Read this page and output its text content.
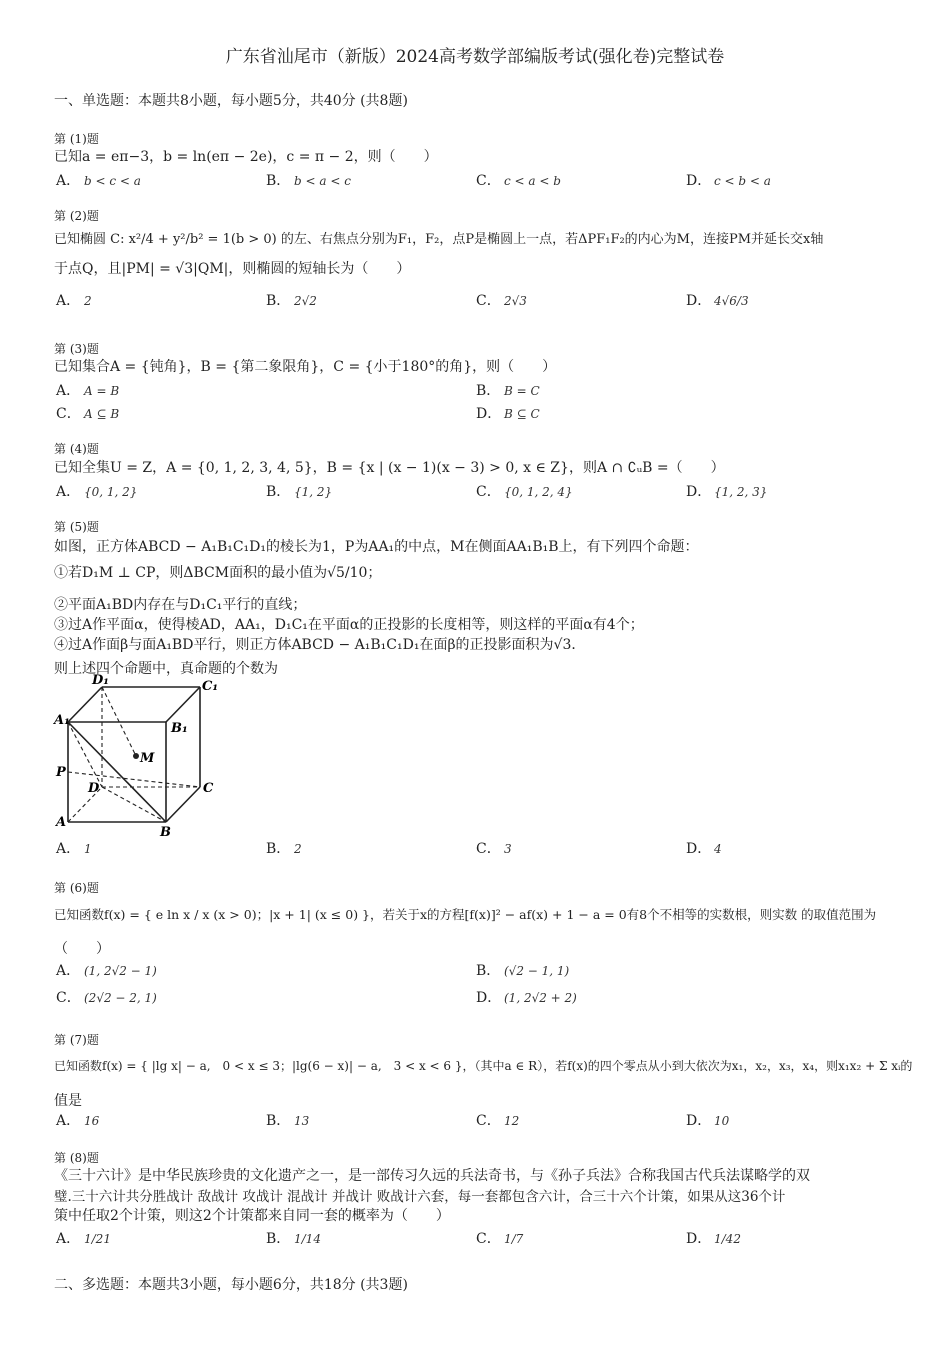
广东省汕尾市（新版）2024高考数学部编版考试(强化卷)完整试卷
一、单选题：本题共8小题，每小题5分，共40分 (共8题)
第 (1)题
已知a = eπ−3，b = ln(eπ − 2e)，c = π − 2，则（　　）
A． b < c < a	B． b < a < c	C． c < a < b	D． c < b < a
第 (2)题
已知椭圆 C: x²/4 + y²/b² = 1(b > 0) 的左、右焦点分别为F₁，F₂，点P是椭圆上一点，若ΔPF₁F₂的内心为M，连接PM并延长交x轴
于点Q，且|PM| = √3|QM|，则椭圆的短轴长为（　　）
A． 2	B． 2√2	C． 2√3	D． 4√6/3
第 (3)题
已知集合A = {钝角}，B = {第二象限角}，C = {小于180°的角}，则（　　）
A． A = B	B． B = C
C． A ⊆ B	D． B ⊆ C
第 (4)题
已知全集U = Z，A = {0, 1, 2, 3, 4, 5}，B = {x | (x − 1)(x − 3) > 0, x ∈ Z}，则A ∩ ∁ᵤB =（　　）
A． {0, 1, 2}	B． {1, 2}	C． {0, 1, 2, 4}	D． {1, 2, 3}
第 (5)题
如图，正方体ABCD − A₁B₁C₁D₁的棱长为1，P为AA₁的中点，M在侧面AA₁B₁B上，有下列四个命题：
①若D₁M ⊥ CP，则ΔBCM面积的最小值为√5/10；
②平面A₁BD内存在与D₁C₁平行的直线；
③过A作平面α，使得棱AD，AA₁，D₁C₁在平面α的正投影的长度相等，则这样的平面α有4个；
④过A作面β与面A₁BD平行，则正方体ABCD − A₁B₁C₁D₁在面β的正投影面积为√3．
则上述四个命题中，真命题的个数为
D₁	C₁
A₁
B₁
M
P
D	C
A
B
A． 1	B． 2	C． 3	D． 4
第 (6)题
已知函数f(x) = { e ln x / x (x > 0)；|x + 1| (x ≤ 0) }，若关于x的方程[f(x)]² − af(x) + 1 − a = 0有8个不相等的实数根，则实数 的取值范围为
（　　）
A． (1, 2√2 − 1)	B． (√2 − 1, 1)
C． (2√2 − 2, 1)	D． (1, 2√2 + 2)
第 (7)题
已知函数f(x) = { |lg x| − a,　0 < x ≤ 3；|lg(6 − x)| − a,　3 < x < 6 }，（其中a ∈ R），若f(x)的四个零点从小到大依次为x₁，x₂，x₃，x₄，则x₁x₂ + Σ xᵢ的
值是
A． 16	B． 13	C． 12	D． 10
第 (8)题
《三十六计》是中华民族珍贵的文化遗产之一，是一部传习久远的兵法奇书，与《孙子兵法》合称我国古代兵法谋略学的双
璧.三十六计共分胜战计 敌战计 攻战计 混战计 并战计 败战计六套，每一套都包含六计，合三十六个计策，如果从这36个计
策中任取2个计策，则这2个计策都来自同一套的概率为（　　）
A． 1/21	B． 1/14	C． 1/7	D． 1/42
二、多选题：本题共3小题，每小题6分，共18分 (共3题)
